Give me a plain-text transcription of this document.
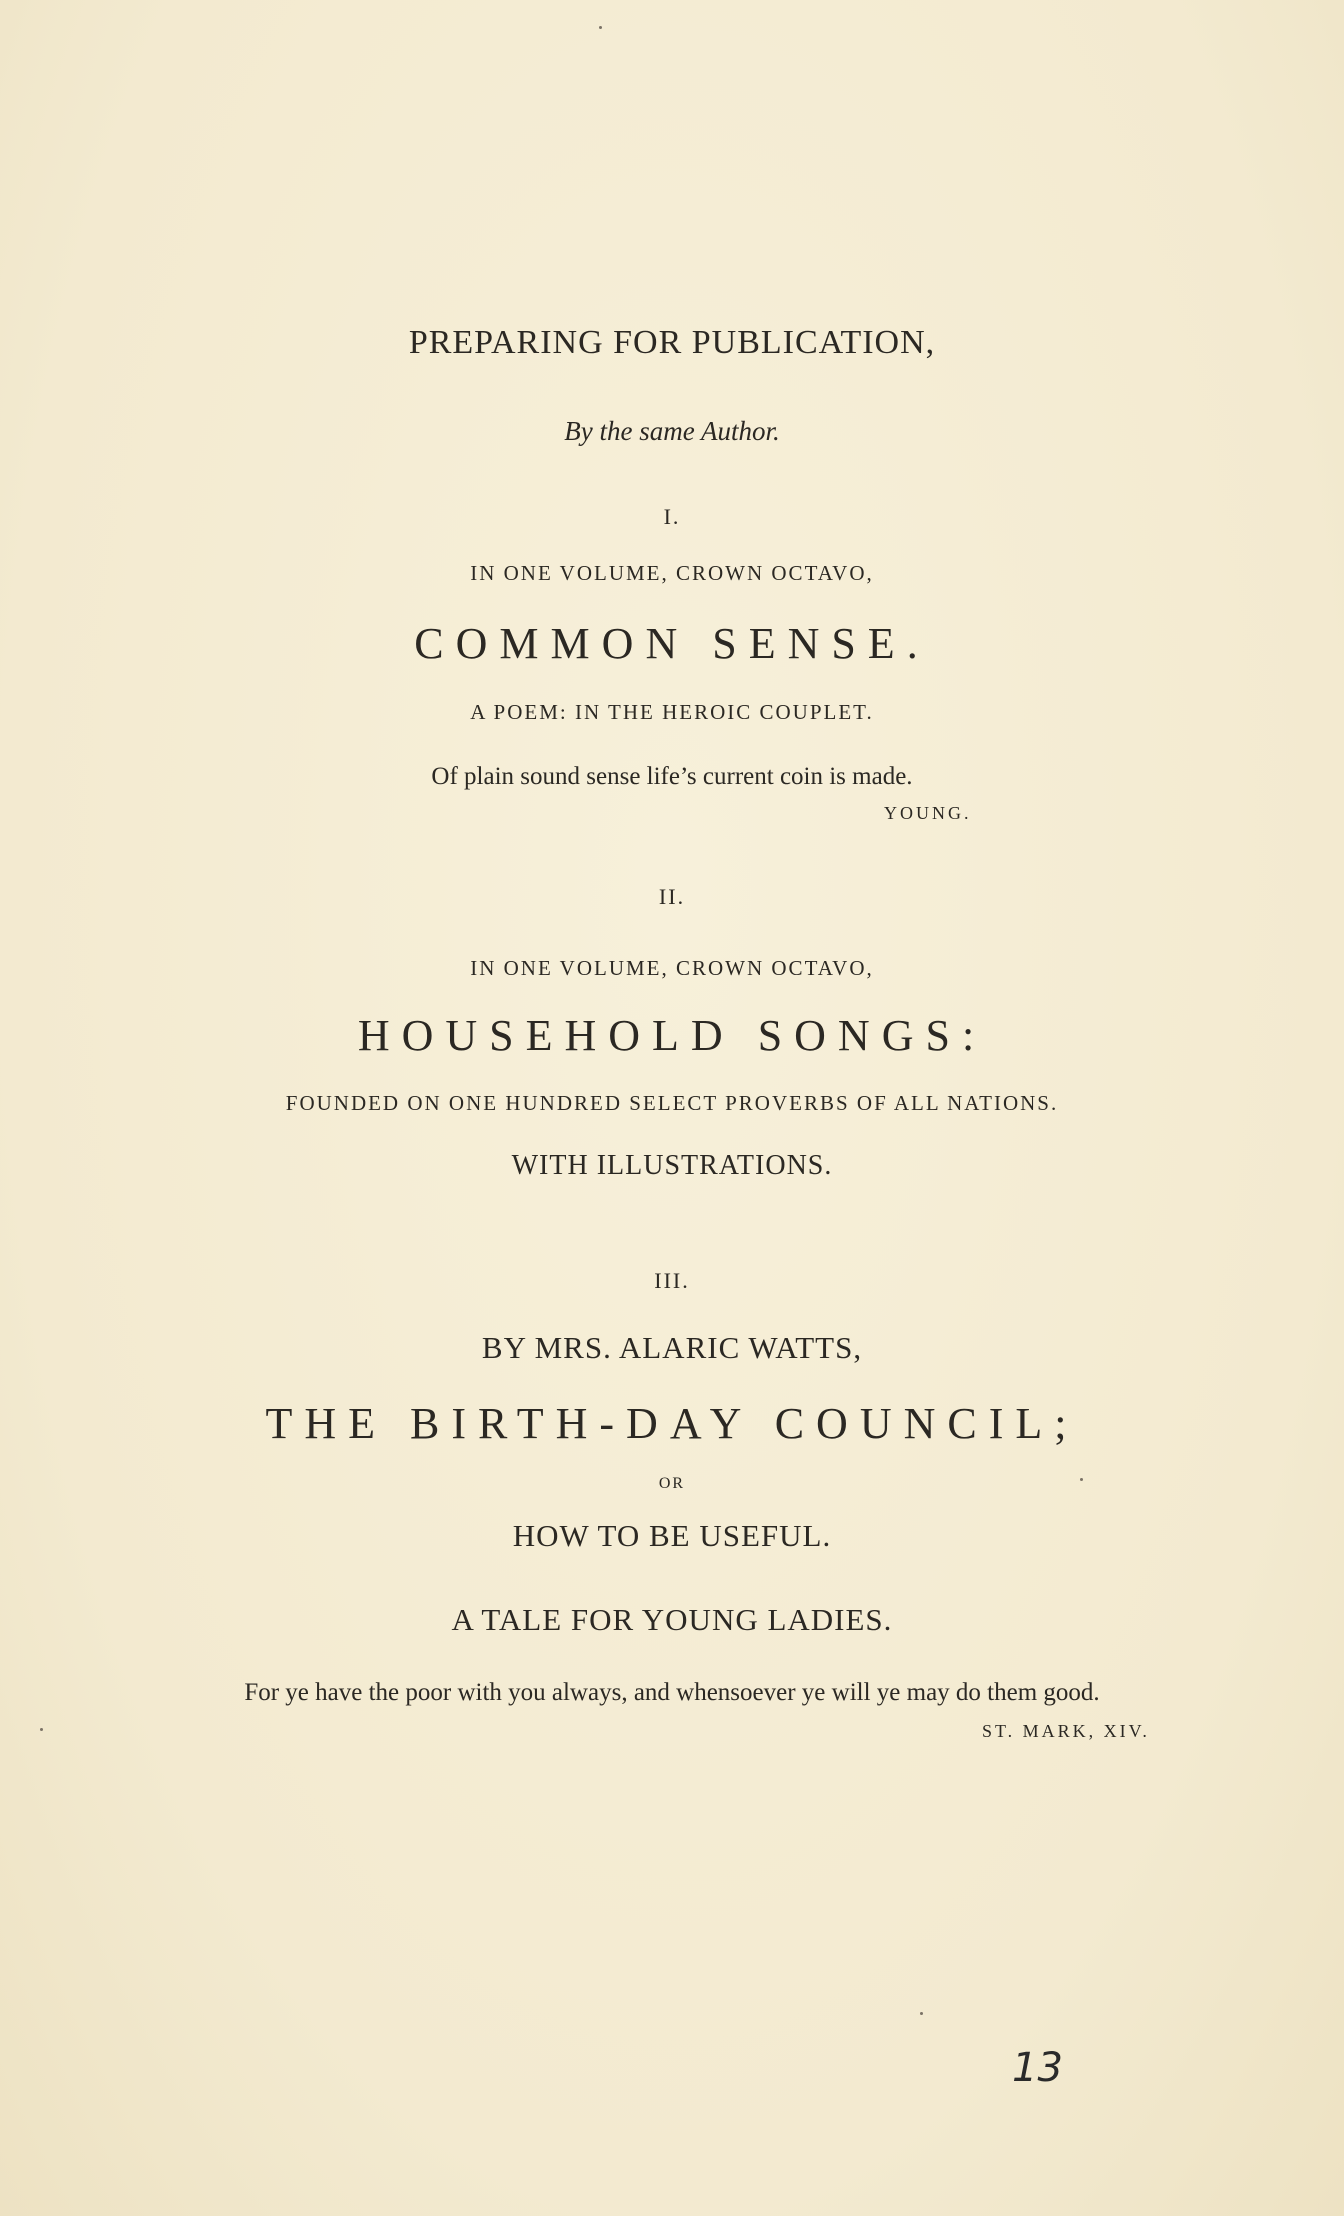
PREPARING FOR PUBLICATION,
By the same Author.
I.
IN ONE VOLUME, CROWN OCTAVO,
COMMON SENSE.
A POEM: IN THE HEROIC COUPLET.
Of plain sound sense life’s current coin is made.
YOUNG.
II.
IN ONE VOLUME, CROWN OCTAVO,
HOUSEHOLD SONGS:
FOUNDED ON ONE HUNDRED SELECT PROVERBS OF ALL NATIONS.
WITH ILLUSTRATIONS.
III.
BY MRS. ALARIC WATTS,
THE BIRTH-DAY COUNCIL;
OR
HOW TO BE USEFUL.
A TALE FOR YOUNG LADIES.
For ye have the poor with you always, and whensoever ye will ye may do them good.
ST. MARK, XIV.
13
